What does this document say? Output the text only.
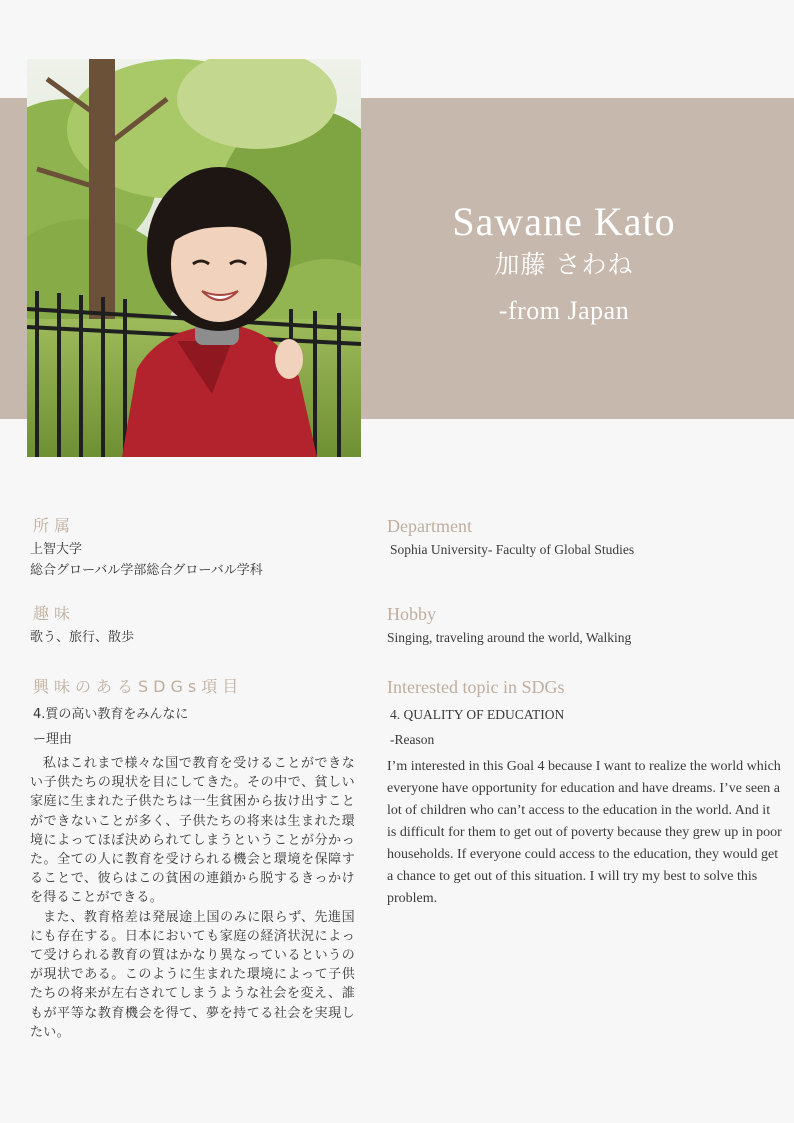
Sawane Kato
加藤 さわね
-from Japan
所属
上智大学
総合グローバル学部総合グローバル学科
趣味
歌う、旅行、散歩
興味のあるSDGs項目
4.質の高い教育をみんなに
ー理由

私はこれまで様々な国で教育を受けることができない子供たちの現状を目にしてきた。その中で、貧しい家庭に生まれた子供たちは一生貧困から抜け出すことができないことが多く、子供たちの将来は生まれた環境によってほぼ決められてしまうということが分かった。全ての人に教育を受けられる機会と環境を保障することで、彼らはこの貧困の連鎖から脱するきっかけを得ることができる。

また、教育格差は発展途上国のみに限らず、先進国にも存在する。日本においても家庭の経済状況によって受けられる教育の質はかなり異なっているというのが現状である。このように生まれた環境によって子供たちの将来が左右されてしまうような社会を変え、誰もが平等な教育機会を得て、夢を持てる社会を実現したい。

Department
Sophia University- Faculty of Global Studies
Hobby
Singing, traveling around the world, Walking
Interested topic in SDGs
4. QUALITY OF EDUCATION
-Reason
I’m interested in this Goal 4 because I want to realize the world which everyone have opportunity for education and have dreams. I’ve seen a lot of children who can’t access to the education in the world. And it is difficult for them to get out of poverty because they grew up in poor households. If everyone could access to the education, they would get a chance to get out of this situation. I will try my best to solve this problem.
